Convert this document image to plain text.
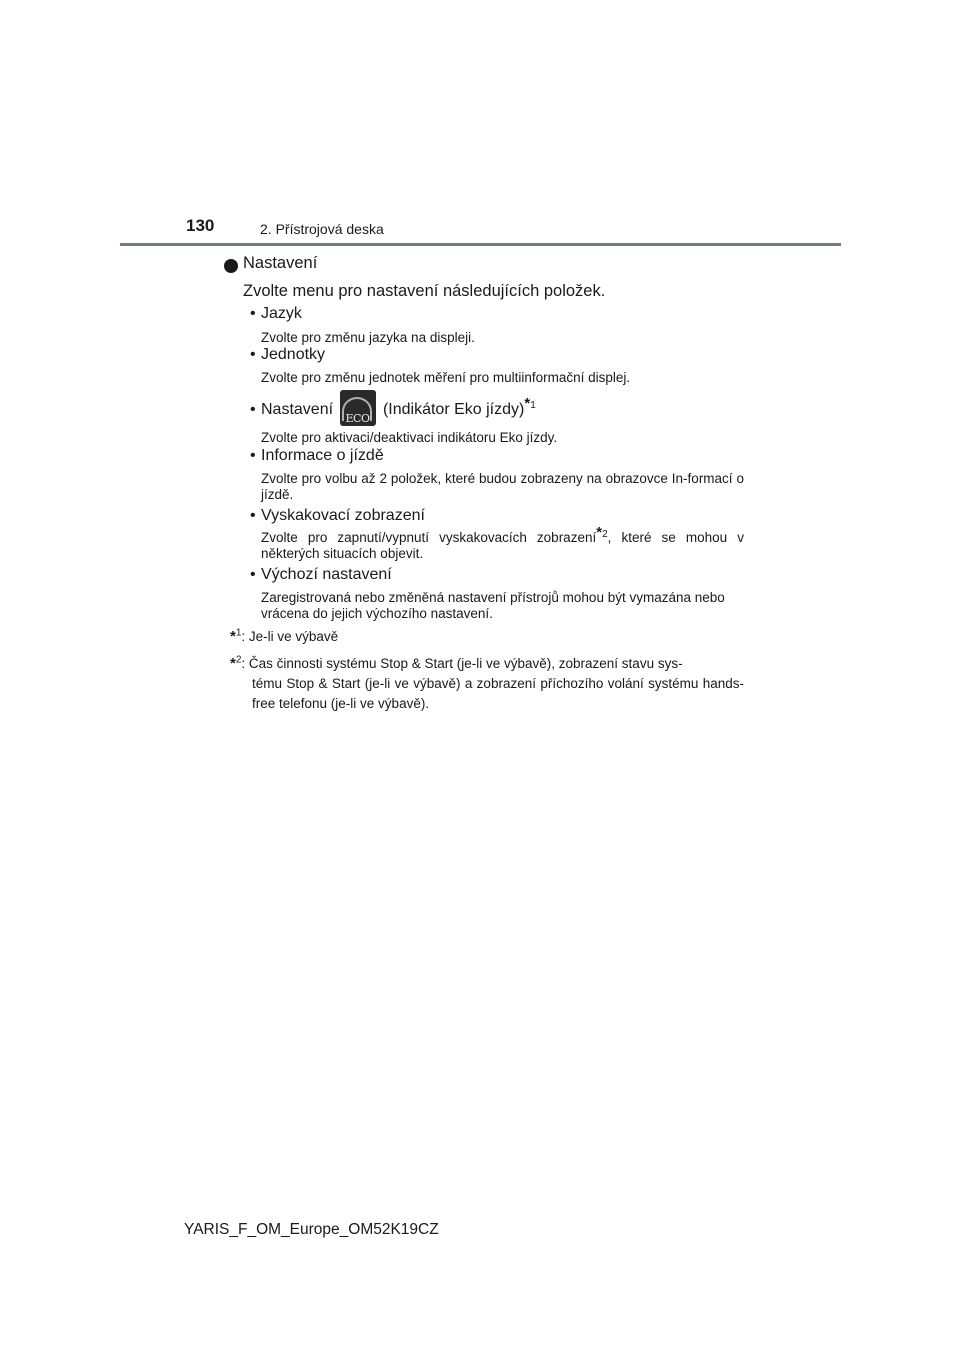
130	2. Přístrojová deska
Nastavení
Zvolte menu pro nastavení následujících položek.
• Jazyk
Zvolte pro změnu jazyka na displeji.
• Jednotky
Zvolte pro změnu jednotek měření pro multiinformační displej.
• Nastavení
ECO
(Indikátor Eko jízdy)$^{*1}$
Zvolte pro aktivaci/deaktivaci indikátoru Eko jízdy.
• Informace o jízdě
Zvolte pro volbu až 2 položek, které budou zobrazeny na obrazovce In-formací o jízdě.
• Vyskakovací zobrazení
Zvolte pro zapnutí/vypnutí vyskakovacích zobrazení$^{*2}$, které se mohou v některých situacích objevit.
• Výchozí nastavení
Zaregistrovaná nebo změněná nastavení přístrojů mohou být vymazána nebo vrácena do jejich výchozího nastavení.
*$^1$: Je-li ve výbavě
*$^2$: Čas činnosti systému Stop & Start (je-li ve výbavě), zobrazení stavu sys-
tému Stop & Start (je-li ve výbavě) a zobrazení příchozího volání systému hands-free telefonu (je-li ve výbavě).
YARIS_F_OM_Europe_OM52K19CZ
